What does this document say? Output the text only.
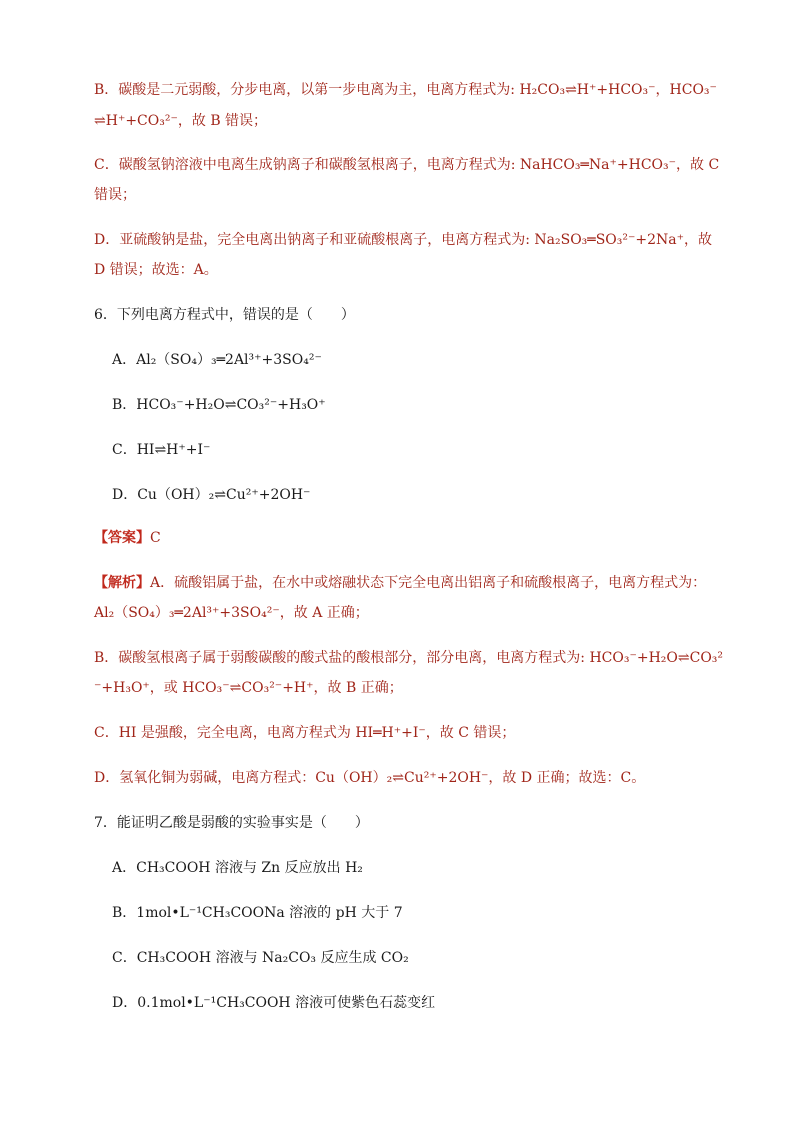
B．碳酸是二元弱酸，分步电离，以第一步电离为主，电离方程式为: H₂CO₃⇌H⁺+HCO₃⁻，HCO₃⁻
⇌H⁺+CO₃²⁻，故 B 错误；
C．碳酸氢钠溶液中电离生成钠离子和碳酸氢根离子，电离方程式为: NaHCO₃═Na⁺+HCO₃⁻，故 C
错误；
D．亚硫酸钠是盐，完全电离出钠离子和亚硫酸根离子，电离方程式为: Na₂SO₃═SO₃²⁻+2Na⁺，故
D 错误；故选：A。
6．下列电离方程式中，错误的是（　　）
A．Al₂（SO₄）₃═2Al³⁺+3SO₄²⁻
B．HCO₃⁻+H₂O⇌CO₃²⁻+H₃O⁺
C．HI⇌H⁺+I⁻
D．Cu（OH）₂⇌Cu²⁺+2OH⁻
【答案】C
【解析】A．硫酸铝属于盐，在水中或熔融状态下完全电离出铝离子和硫酸根离子，电离方程式为：
Al₂（SO₄）₃═2Al³⁺+3SO₄²⁻，故 A 正确；
B．碳酸氢根离子属于弱酸碳酸的酸式盐的酸根部分，部分电离，电离方程式为: HCO₃⁻+H₂O⇌CO₃²
⁻+H₃O⁺，或 HCO₃⁻⇌CO₃²⁻+H⁺，故 B 正确；
C．HI 是强酸，完全电离，电离方程式为 HI═H⁺+I⁻，故 C 错误；
D．氢氧化铜为弱碱，电离方程式：Cu（OH）₂⇌Cu²⁺+2OH⁻，故 D 正确；故选：C。
7．能证明乙酸是弱酸的实验事实是（　　）
A．CH₃COOH 溶液与 Zn 反应放出 H₂
B．1mol•L⁻¹CH₃COONa 溶液的 pH 大于 7
C．CH₃COOH 溶液与 Na₂CO₃ 反应生成 CO₂
D．0.1mol•L⁻¹CH₃COOH 溶液可使紫色石蕊变红
